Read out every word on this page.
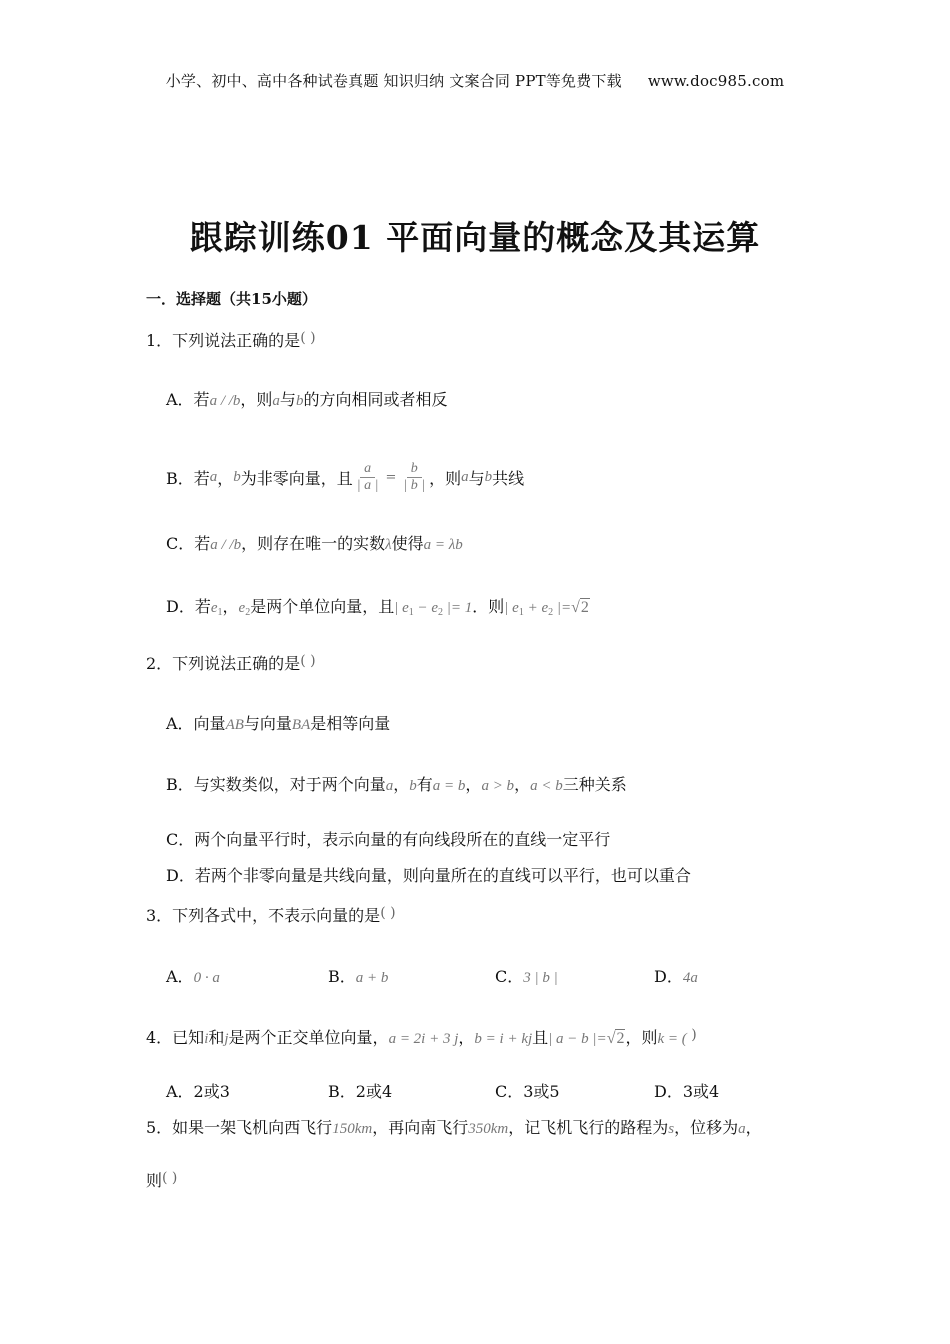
小学、初中、高中各种试卷真题 知识归纳 文案合同 PPT等免费下载 www.doc985.com
跟踪训练01 平面向量的概念及其运算
一．选择题（共15小题）
1．下列说法正确的是( )
A．若a / /b，则a与b的方向相同或者相反
B．若 a ， b 为非零向量，且 $\frac{a}{| a |} = \frac{b}{| b |}$ ，则 a 与 b 共线
C．若a / /b，则存在唯一的实数λ使得a = λb
D．若$e_1$，$e_2$是两个单位向量，且| $e_1 - e_2$ |= 1．则| $e_1 + e_2$ |=√2
2．下列说法正确的是( )
A．向量AB与向量BA是相等向量
B．与实数类似，对于两个向量a，b有a = b，a > b，a < b三种关系
C．两个向量平行时，表示向量的有向线段所在的直线一定平行
D．若两个非零向量是共线向量，则向量所在的直线可以平行，也可以重合
3．下列各式中，不表示向量的是( )
A．0 · a	B．a + b	C．3 | b |	D．4a
4．已知i和j是两个正交单位向量，a = 2i + 3 j，b = i + kj且| a − b |=√2，则k = ( )
A．2或3	B．2或4	C．3或5	D．3或4
5．如果一架飞机向西飞行150km，再向南飞行350km，记飞机飞行的路程为s，位移为a，
则( )
